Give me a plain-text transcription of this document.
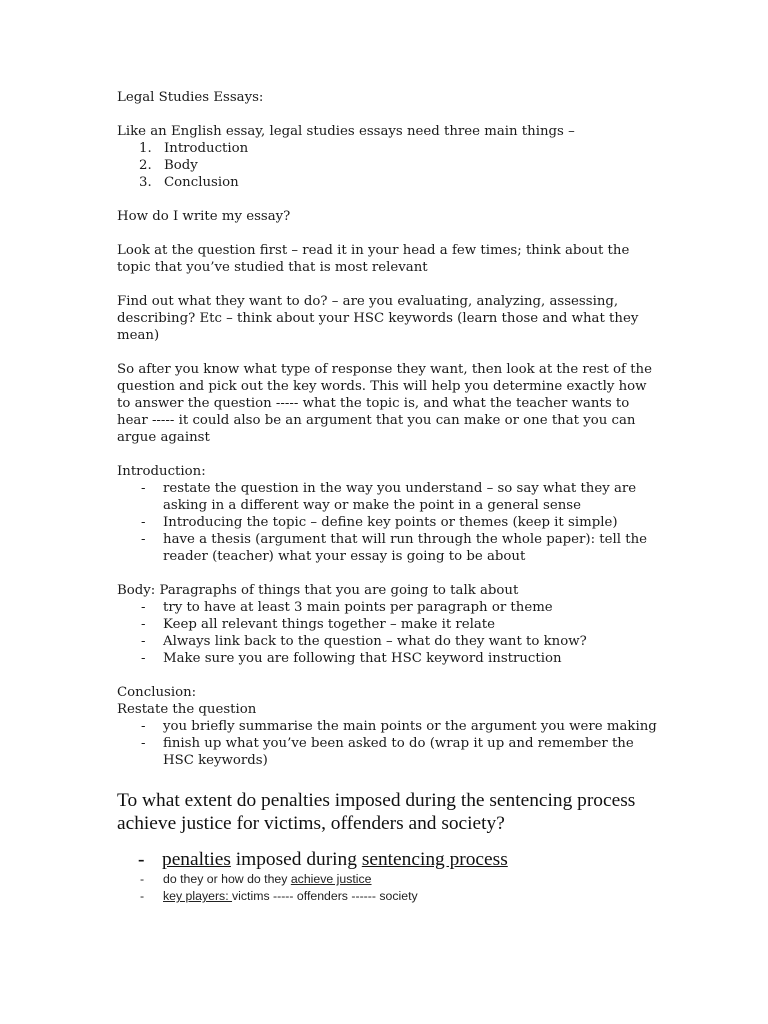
Legal Studies Essays:

Like an English essay, legal studies essays need three main things –

1. Introduction
2. Body
3. Conclusion

How do I write my essay?

Look at the question first – read it in your head a few times; think about the topic that you’ve studied that is most relevant

Find out what they want to do? – are you evaluating, analyzing, assessing, describing? Etc – think about your HSC keywords (learn those and what they mean)

So after you know what type of response they want, then look at the rest of the question and pick out the key words. This will help you determine exactly how to answer the question ----- what the topic is, and what the teacher wants to hear ----- it could also be an argument that you can make or one that you can argue against

Introduction:

- restate the question in the way you understand – so say what they are asking in a different way or make the point in a general sense
- Introducing the topic – define key points or themes (keep it simple)
- have a thesis (argument that will run through the whole paper): tell the reader (teacher) what your essay is going to be about

Body: Paragraphs of things that you are going to talk about

- try to have at least 3 main points per paragraph or theme
- Keep all relevant things together – make it relate
- Always link back to the question – what do they want to know?
- Make sure you are following that HSC keyword instruction

Conclusion:

Restate the question

- you briefly summarise the main points or the argument you were making
- finish up what you’ve been asked to do (wrap it up and remember the HSC keywords)

To what extent do penalties imposed during the sentencing process achieve justice for victims, offenders and society?

- penalties imposed during sentencing process
- do they or how do they achieve justice
- key players: victims ----- offenders ------ society
